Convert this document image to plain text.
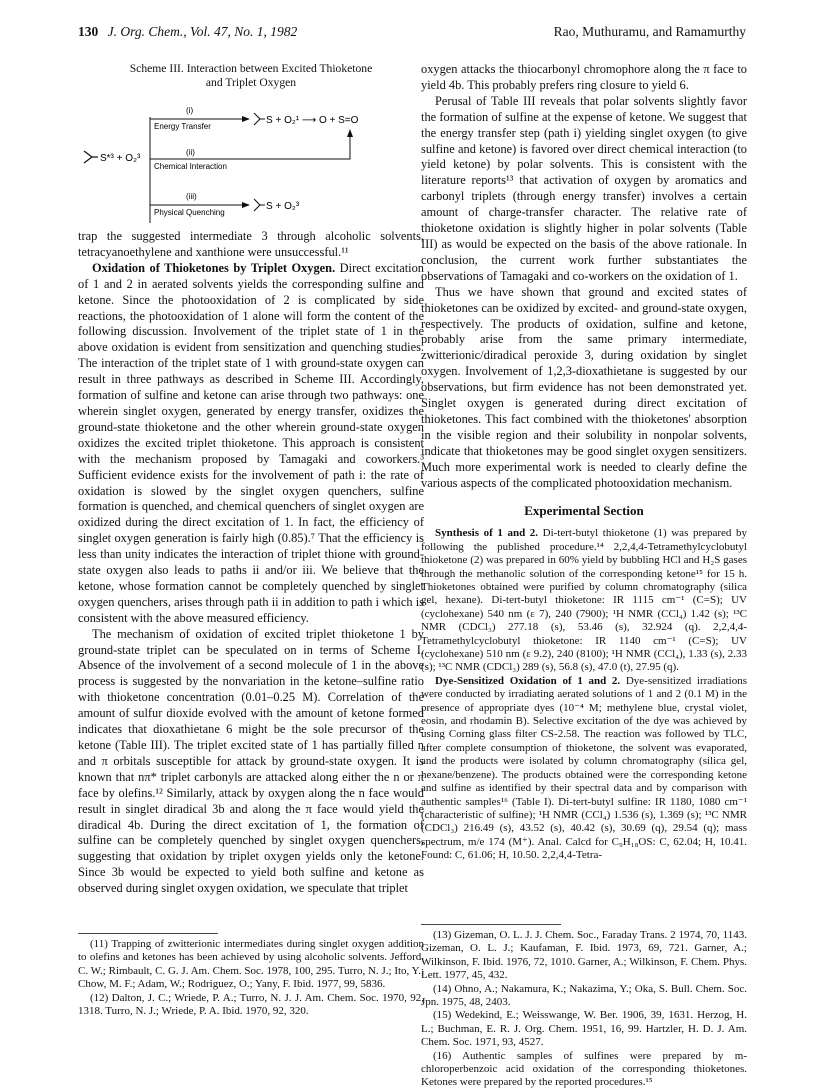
130 J. Org. Chem., Vol. 47, No. 1, 1982	Rao, Muthuramu, and Ramamurthy
Scheme III. Interaction between Excited Thioketone
and Triplet Oxygen
S*³ + O₂³
(i)
Energy Transfer
S + O₂¹ ⟶ O + S=O
(ii)
Chemical Interaction
(iii)
Physical Quenching
S + O₂³

trap the suggested intermediate 3 through alcoholic solvents, tetracyanoethylene and xanthione were unsuccessful.¹¹

Oxidation of Thioketones by Triplet Oxygen. Direct excitation of 1 and 2 in aerated solvents yields the corresponding sulfine and ketone. Since the photooxidation of 2 is complicated by side reactions, the photooxidation of 1 alone will form the content of the following discussion. Involvement of the triplet state of 1 in the above oxidation is evident from sensitization and quenching studies. The interaction of the triplet state of 1 with ground-state oxygen can result in three pathways as described in Scheme III. Accordingly, formation of sulfine and ketone can arise through two pathways: one wherein singlet oxygen, generated by energy transfer, oxidizes the ground-state thioketone and the other wherein ground-state oxygen oxidizes the excited triplet thioketone. This approach is consistent with the mechanism proposed by Tamagaki and coworkers.³ Sufficient evidence exists for the involvement of path i: the rate of oxidation is slowed by the singlet oxygen quenchers, sulfine formation is quenched, and chemical quenchers of singlet oxygen are oxidized during the direct excitation of 1. In fact, the efficiency of singlet oxygen generation is fairly high (0.85).⁷ That the efficiency is less than unity indicates the interaction of triplet thione with ground-state oxygen also leads to paths ii and/or iii. We believe that the ketone, whose formation cannot be completely quenched by singlet oxygen quenchers, arises through path ii in addition to path i which is consistent with the above measured efficiency.

The mechanism of oxidation of excited triplet thioketone 1 by ground-state triplet can be speculated on in terms of Scheme I. Absence of the involvement of a second molecule of 1 in the above process is suggested by the nonvariation in the ketone–sulfine ratio with thioketone concentration (0.01–0.25 M). Correlation of the amount of sulfur dioxide evolved with the amount of ketone formed indicates that dioxathietane 6 might be the sole precursor of the ketone (Table III). The triplet excited state of 1 has partially filled n and π orbitals susceptible for attack by ground-state oxygen. It is known that nπ* triplet carbonyls are attacked along either the n or π face by olefins.¹² Similarly, attack by oxygen along the n face would result in singlet diradical 3b and along the π face would yield the diradical 4b. During the direct excitation of 1, the formation of sulfine can be completely quenched by singlet oxygen quenchers, suggesting that oxidation by triplet oxygen yields only the ketone. Since 3b would be expected to yield both sulfine and ketone as observed during singlet oxygen oxidation, we speculate that triplet

(11) Trapping of zwitterionic intermediates during singlet oxygen addition to olefins and ketones has been achieved by using alcoholic solvents. Jefford, C. W.; Rimbault, C. G. J. Am. Chem. Soc. 1978, 100, 295. Turro, N. J.; Ito, Y.; Chow, M. F.; Adam, W.; Rodriguez, O.; Yany, F. Ibid. 1977, 99, 5836.

(12) Dalton, J. C.; Wriede, P. A.; Turro, N. J. J. Am. Chem. Soc. 1970, 92, 1318. Turro, N. J.; Wriede, P. A. Ibid. 1970, 92, 320.

oxygen attacks the thiocarbonyl chromophore along the π face to yield 4b. This probably prefers ring closure to yield 6.

Perusal of Table III reveals that polar solvents slightly favor the formation of sulfine at the expense of ketone. We suggest that the energy transfer step (path i) yielding singlet oxygen (to give sulfine and ketone) is favored over direct chemical interaction (to yield ketone) by polar solvents. This is consistent with the literature reports¹³ that activation of oxygen by aromatics and carbonyl triplets (through energy transfer) involves a certain amount of charge-transfer character. The relative rate of thioketone oxidation is slightly higher in polar solvents (Table III) as would be expected on the basis of the above rationale. In conclusion, the current work further substantiates the observations of Tamagaki and co-workers on the oxidation of 1.

Thus we have shown that ground and excited states of thioketones can be oxidized by excited- and ground-state oxygen, respectively. The products of oxidation, sulfine and ketone, probably arise from the same primary intermediate, zwitterionic/diradical peroxide 3, during oxidation by singlet oxygen. Involvement of 1,2,3-dioxathietane is suggested by our observations, but firm evidence has not been demonstrated yet. Singlet oxygen is generated during direct excitation of thioketones. This fact combined with the thioketones' absorption in the visible region and their solubility in nonpolar solvents, indicate that thioketones may be good singlet oxygen sensitizers. Much more experimental work is needed to clearly define the various aspects of the complicated photooxidation mechanism.

Experimental Section

Synthesis of 1 and 2. Di-tert-butyl thioketone (1) was prepared by following the published procedure.¹⁴ 2,2,4,4-Tetramethylcyclobutyl thioketone (2) was prepared in 60% yield by bubbling HCl and H₂S gases through the methanolic solution of the corresponding ketone¹⁵ for 15 h. Thioketones obtained were purified by column chromatography (silica gel, hexane). Di-tert-butyl thioketone: IR 1115 cm⁻¹ (C=S); UV (cyclohexane) 540 nm (ε 7), 240 (7900); ¹H NMR (CCl₄) 1.42 (s); ¹³C NMR (CDCl₃) 277.18 (s), 53.46 (s), 32.924 (q). 2,2,4,4-Tetramethylcyclobutyl thioketone: IR 1140 cm⁻¹ (C=S); UV (cyclohexane) 510 nm (ε 9.2), 240 (8100); ¹H NMR (CCl₄), 1.33 (s), 2.33 (s); ¹³C NMR (CDCl₃) 289 (s), 56.8 (s), 47.0 (t), 27.95 (q).

Dye-Sensitized Oxidation of 1 and 2. Dye-sensitized irradiations were conducted by irradiating aerated solutions of 1 and 2 (0.1 M) in the presence of appropriate dyes (10⁻⁴ M; methylene blue, crystal violet, eosin, and rhodamin B). Selective excitation of the dye was achieved by using Corning glass filter CS-2.58. The reaction was followed by TLC, after complete consumption of thioketone, the solvent was evaporated, and the products were isolated by column chromatography (silica gel, hexane/benzene). The products obtained were the corresponding ketone and sulfine as identified by their spectral data and by comparison with authentic samples¹⁶ (Table I). Di-tert-butyl sulfine: IR 1180, 1080 cm⁻¹ (characteristic of sulfine); ¹H NMR (CCl₄) 1.536 (s), 1.369 (s); ¹³C NMR (CDCl₃) 216.49 (s), 43.52 (s), 40.42 (s), 30.69 (q), 29.54 (q); mass spectrum, m/e 174 (M⁺). Anal. Calcd for C₉H₁₈OS: C, 62.04; H, 10.41. Found: C, 61.06; H, 10.50. 2,2,4,4-Tetra-

(13) Gizeman, O. L. J. J. Chem. Soc., Faraday Trans. 2 1974, 70, 1143. Gizeman, O. L. J.; Kaufaman, F. Ibid. 1973, 69, 721. Garner, A.; Wilkinson, F. Ibid. 1976, 72, 1010. Garner, A.; Wilkinson, F. Chem. Phys. Lett. 1977, 45, 432.

(14) Ohno, A.; Nakamura, K.; Nakazima, Y.; Oka, S. Bull. Chem. Soc. Jpn. 1975, 48, 2403.

(15) Wedekind, E.; Weisswange, W. Ber. 1906, 39, 1631. Herzog, H. L.; Buchman, E. R. J. Org. Chem. 1951, 16, 99. Hartzler, H. D. J. Am. Chem. Soc. 1971, 93, 4527.

(16) Authentic samples of sulfines were prepared by m-chloroperbenzoic acid oxidation of the corresponding thioketones. Ketones were prepared by the reported procedures.¹⁵
